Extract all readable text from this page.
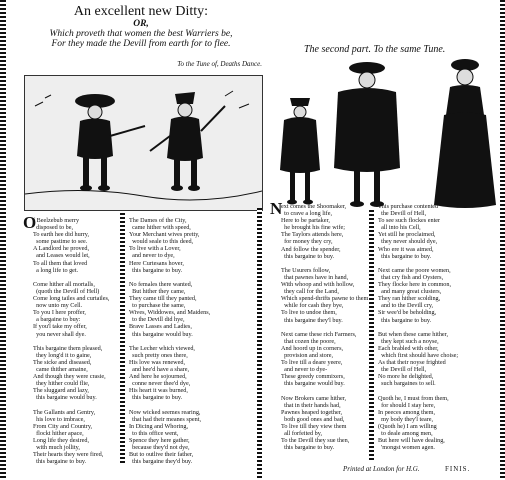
An excellent new Ditty:
OR,
Which proveth that women the best Warriers be,
For they made the Devill from earth for to flee.
To the Tune of, Deaths Dance.
The second part. To the same Tune.
O
f Beelzebub merry
disposed to be,
To earth hee did hurry,
some pastime to see.
A Landlord he proved,
and Leases would let,
To all them that loved
a long life to get.

Come hither all mortalls,
(quoth the Devill of Hell)
Come long tailes and curtailes,
now unto my Cell.
To you I here proffer,
a bargaine to buy:
If you'l take my offer,
you never shall dye.

This bargaine them pleased,
they long'd it to gaine,
The sicke and diseased,
came thither amaine,
And though they were crasie,
they hither could flie,
The sluggard and lazy,
this bargaine would buy.

The Gallants and Gentry,
his love to imbrace,
From City and Country,
flockt hither apace,
Long life they desired,
with much jollity,
Their hearts they were fired,
this bargaine to buy.
The Dames of the City,
came hither with speed,
Your Merchant wives pretty,
would seale to this deed,
To live with a Lover,
and never to dye,
Here Curtesans hover,
this bargaine to buy.

No females there wanted,
But hither they came,
They came till they panted,
to purchase the same,
Wives, Widdowes, and Maidens,
to the Devill did hye,
Brave Lasses and Ladies,
this bargaine would buy.

The Lecher which viewed,
such pretty ones there,
His love was renewed,
and hee'd have a share,
And here he sojourned,
conne never thee'd dye,
His heart it was burned,
this bargaine to buy.

Now wicked seemes rearing,
that had their meanes spent,
In Dicing and Whoring,
to this office went,
Spence they here gather,
because they'd not dye,
But to outlive their father,
this bargaine they'd buy.
N
ext comes the Shoomaker,
to crave a long life,
Here to be partaker,
he brought his fine wife;
The Taylors attends here,
for money they cry,
And follow the spender,
this bargaine to buy.

The Usurers follow,
that pawnes have in hand,
With whoop and with hollow,
they call for the Land,
Which spend-thrifts pawne to them
while for cash they bye,
To live to undoe them,
this bargaine they'l buy.

Next came these rich Farmers,
that cozen the poore,
And hoord up in corners,
provision and store,
To live till a deare yeere,
and never to dye-
These greedy commixers,
this bargaine would buy.

Now Brokers came hither,
that in their hands had,
Pawnes heaped together,
both good ones and bad,
To live till they view them
all forfeited by,
To the Devill they sue then,
this bargaine to buy.
This purchase contented
the Devill of Hell,
To see such flockes enter
all into his Cell,
Yet still he proclaimed,
they never should dye,
Who ere it was aimed,
this bargaine to buy.

Next came the poore women,
that cry fish and Oysters,
They flocke here in common,
and many great clusters,
They ran hither scolding,
and to the Devill cry,
Sir wee'd be beholding,
this bargaine to buy.

But when these came hither,
they kept such a noyse,
Each brabled with other,
which first should have choise;
As that their noyse frighted
the Devill of Hell,
No more he delighted,
such bargaines to sell.

Quoth he, I must from them,
for should I stay here,
In peeces among them,
my body they'l teare,
(Quoth he) I am willing
to deale among men,
But here will have dealing,
'mongst women agen.
Printed at London for H.G.	FINIS.
